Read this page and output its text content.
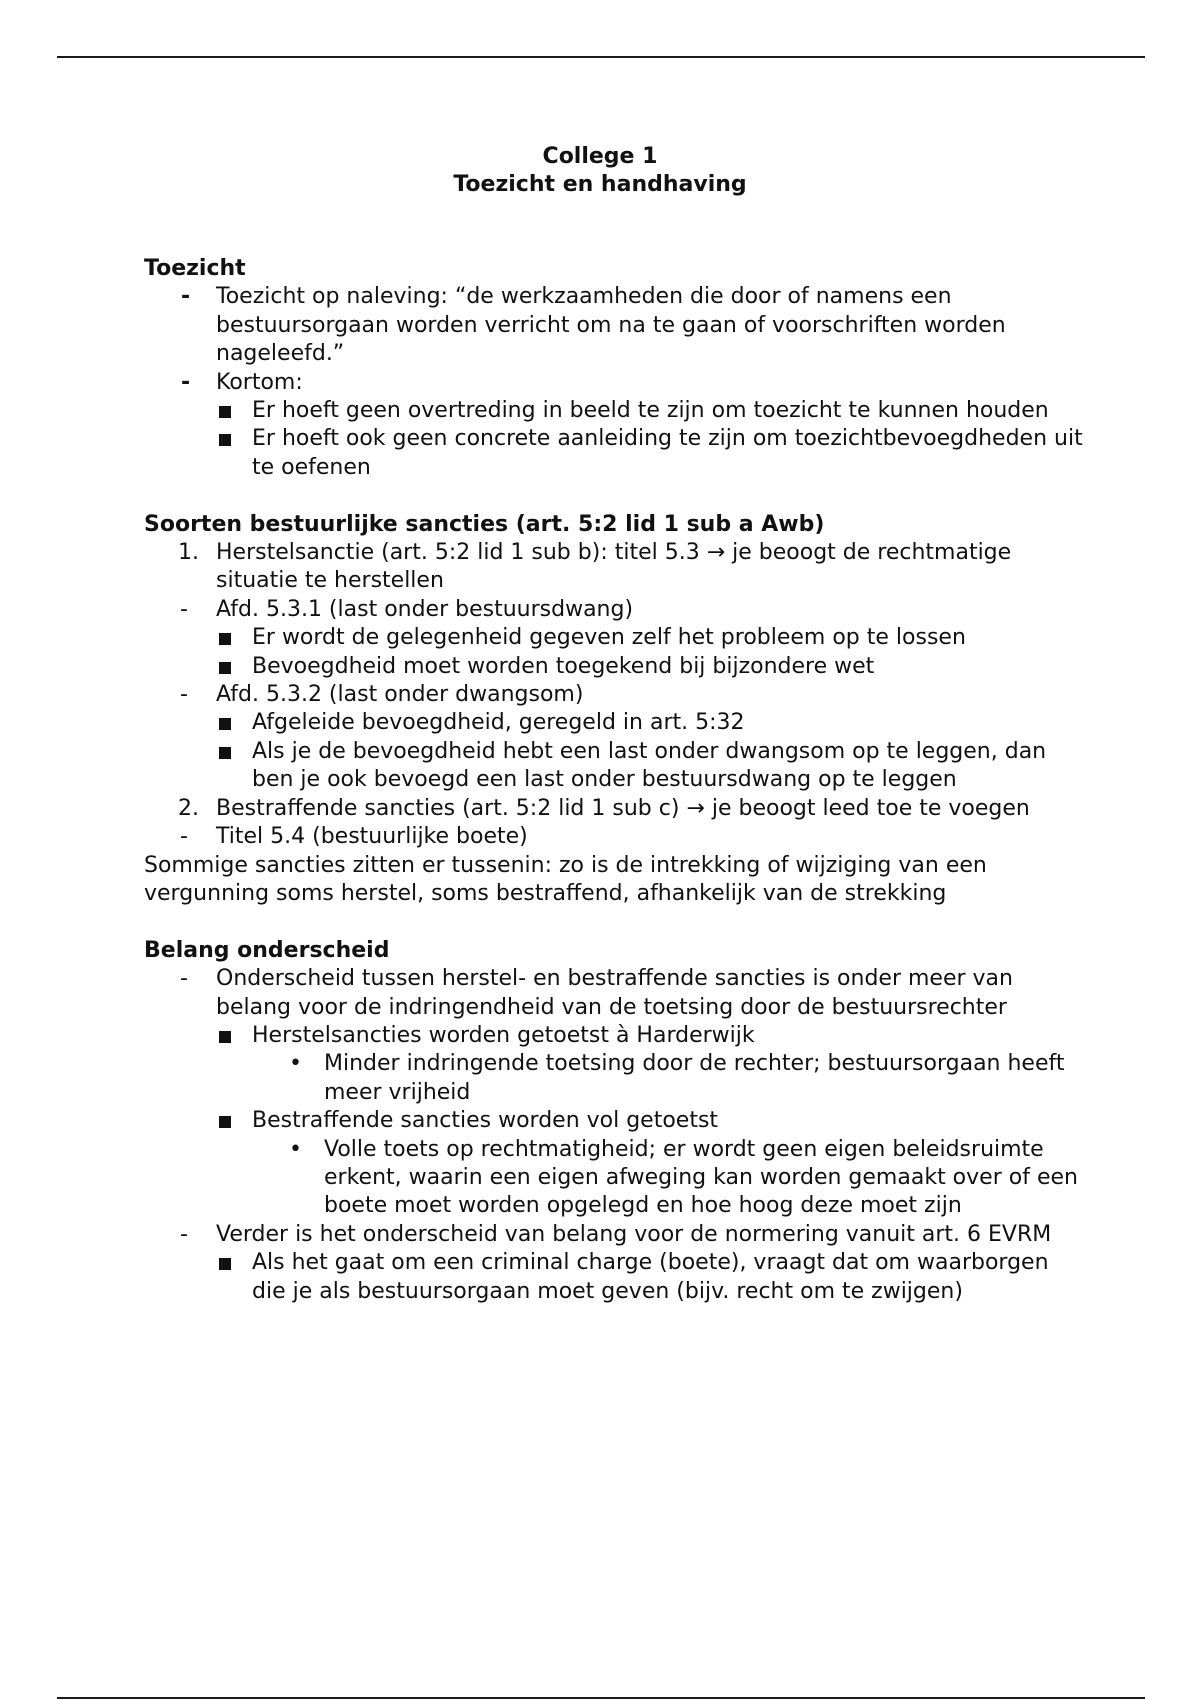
College 1
Toezicht en handhaving

Toezicht

- Toezicht op naleving: “de werkzaamheden die door of namens een bestuursorgaan worden verricht om na te gaan of voorschriften worden nageleefd.”
- Kortom:
Er hoeft geen overtreding in beeld te zijn om toezicht te kunnen houden
Er hoeft ook geen concrete aanleiding te zijn om toezichtbevoegdheden uit te oefenen

Soorten bestuurlijke sancties (art. 5:2 lid 1 sub a Awb)

1. Herstelsanctie (art. 5:2 lid 1 sub b): titel 5.3 → je beoogt de rechtmatige situatie te herstellen
- Afd. 5.3.1 (last onder bestuursdwang)
Er wordt de gelegenheid gegeven zelf het probleem op te lossen
Bevoegdheid moet worden toegekend bij bijzondere wet
- Afd. 5.3.2 (last onder dwangsom)
Afgeleide bevoegdheid, geregeld in art. 5:32
Als je de bevoegdheid hebt een last onder dwangsom op te leggen, dan ben je ook bevoegd een last onder bestuursdwang op te leggen
2. Bestraffende sancties (art. 5:2 lid 1 sub c) → je beoogt leed toe te voegen
- Titel 5.4 (bestuurlijke boete)

Sommige sancties zitten er tussenin: zo is de intrekking of wijziging van een vergunning soms herstel, soms bestraffend, afhankelijk van de strekking

Belang onderscheid

- Onderscheid tussen herstel- en bestraffende sancties is onder meer van belang voor de indringendheid van de toetsing door de bestuursrechter
Herstelsancties worden getoetst à Harderwijk
• Minder indringende toetsing door de rechter; bestuursorgaan heeft meer vrijheid
Bestraffende sancties worden vol getoetst
• Volle toets op rechtmatigheid; er wordt geen eigen beleidsruimte erkent, waarin een eigen afweging kan worden gemaakt over of een boete moet worden opgelegd en hoe hoog deze moet zijn
- Verder is het onderscheid van belang voor de normering vanuit art. 6 EVRM
Als het gaat om een criminal charge (boete), vraagt dat om waarborgen die je als bestuursorgaan moet geven (bijv. recht om te zwijgen)
